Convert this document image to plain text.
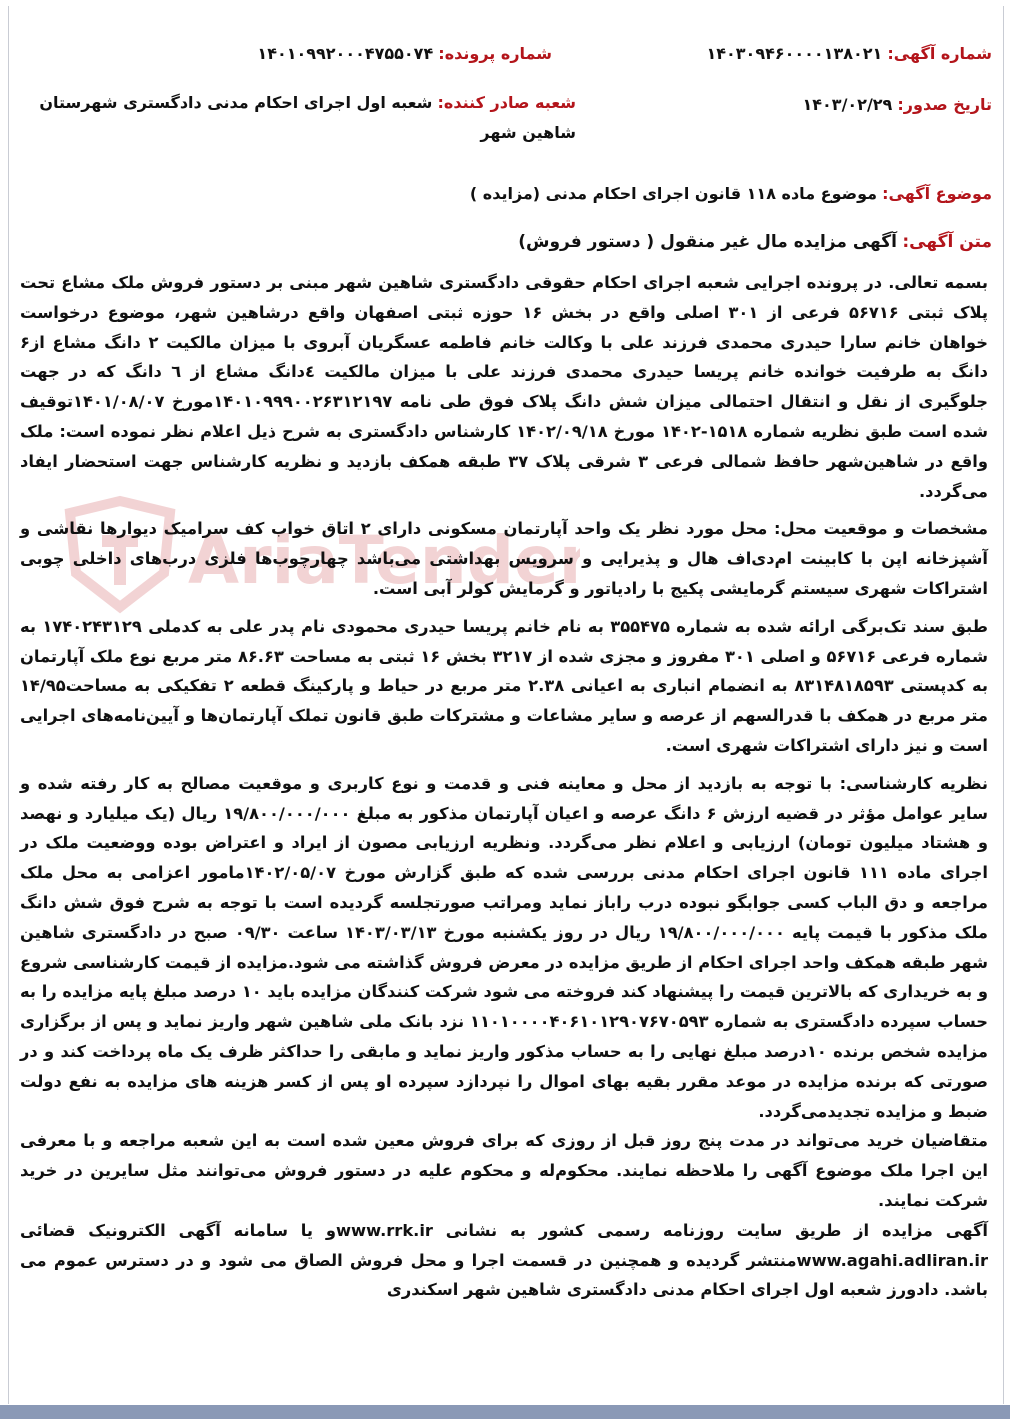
شماره آگهی: ۱۴۰۳۰۹۴۶۰۰۰۰۱۳۸۰۲۱
تاریخ صدور: ۱۴۰۳/۰۲/۲۹
شماره پرونده: ۱۴۰۱۰۹۹۲۰۰۰۴۷۵۵۰۷۴
شعبه صادر کننده: شعبه اول اجرای احکام مدنی دادگستری شهرستان شاهین شهر
موضوع آگهی: موضوع ماده ۱۱۸ قانون اجرای احکام مدنی (مزایده )
متن آگهی: آگهی مزایده مال غیر منقول ( دستور فروش)
AriaTender

بسمه تعالی. در پرونده اجرایی شعبه اجرای احکام حقوقی دادگستری شاهین شهر مبنی بر دستور فروش ملک مشاع تحت پلاک ثبتی ۵۶۷۱۶ فرعی از ۳۰۱ اصلی واقع در بخش ۱۶ حوزه ثبتی اصفهان واقع درشاهین شهر، موضوع درخواست خواهان خانم سارا حیدری محمدی فرزند علی با وکالت خانم فاطمه عسگریان آبروی با میزان مالکیت ۲ دانگ مشاع از۶ دانگ به طرفیت خوانده خانم پریسا حیدری محمدی فرزند علی با میزان مالکیت ٤دانگ مشاع از ٦ دانگ که در جهت جلوگیری از نقل و انتقال احتمالی میزان شش دانگ پلاک فوق طی نامه ۱۴۰۱۰۹۹۹۰۰۲۶۳۱۲۱۹۷مورخ ۱۴۰۱/۰۸/۰۷توقیف شده است طبق نظریه شماره ۱۵۱۸-۱۴۰۲ مورخ ۱۴۰۲/۰۹/۱۸ کارشناس دادگستری به شرح ذیل اعلام نظر نموده است: ملک واقع در شاهین‌شهر حافظ شمالی فرعی ۳ شرقی پلاک ۳۷ طبقه همکف بازدید و نظریه کارشناس جهت استحضار ایفاد می‌گردد.

مشخصات و موقعیت محل: محل مورد نظر یک واحد آپارتمان مسکونی دارای ۲ اتاق خواب کف سرامیک دیوارها نقاشی و آشپزخانه اپن با کابینت ام‌دی‌اف هال و پذیرایی و سرویس بهداشتی می‌باشد چهارچوب‌ها فلزی درب‌های داخلی چوبی اشتراکات شهری سیستم گرمایشی پکیج با رادیاتور و گرمایش کولر آبی است.

طبق سند تک‌برگی ارائه شده به شماره ۳۵۵۴۷۵ به نام خانم پریسا حیدری محمودی نام پدر علی به کدملی ۱۷۴۰۲۴۳۱۲۹ به شماره فرعی ۵۶۷۱۶ و اصلی ۳۰۱ مفروز و مجزی شده از ۳۲۱۷ بخش ۱۶ ثبتی به مساحت ۸۶.۶۳ متر مربع نوع ملک آپارتمان به کدپستی ۸۳۱۴۸۱۸۵۹۳ به انضمام انباری به اعیانی ۲.۳۸ متر مربع در حیاط و پارکینگ قطعه ۲ تفکیکی به مساحت۱۴/۹۵ متر مربع در همکف با قدرالسهم از عرصه و سایر مشاعات و مشترکات طبق قانون تملک آپارتمان‌ها و آیین‌نامه‌های اجرایی است و نیز دارای اشتراکات شهری است.

نظریه کارشناسی: با توجه به بازدید از محل و معاینه فنی و قدمت و نوع کاربری و موقعیت مصالح به کار رفته شده و سایر عوامل مؤثر در قضیه ارزش ۶ دانگ عرصه و اعیان آپارتمان مذکور به مبلغ ۱۹/۸۰۰/۰۰۰/۰۰۰ ریال (یک میلیارد و نهصد و هشتاد میلیون تومان) ارزیابی و اعلام نظر می‌گردد. ونظریه ارزیابی مصون از ایراد و اعتراض بوده ووضعیت ملک در اجرای ماده ۱۱۱ قانون اجرای احکام مدنی بررسی شده که طبق گزارش مورخ ۱۴۰۲/۰۵/۰۷مامور اعزامی به محل ملک مراجعه و دق الباب کسی جوابگو نبوده درب راباز نماید ومراتب صورتجلسه گردیده است با توجه به شرح فوق شش دانگ ملک مذکور با قیمت پایه ۱۹/۸۰۰/۰۰۰/۰۰۰ ریال در روز یکشنبه مورخ ۱۴۰۳/۰۳/۱۳ ساعت ۰۹/۳۰ صبح در دادگستری شاهین شهر طبقه همکف واحد اجرای احکام از طریق مزایده در معرض فروش گذاشته می شود.مزایده از قیمت کارشناسی شروع و به خریداری که بالاترین قیمت را پیشنهاد کند فروخته می شود شرکت کنندگان مزایده باید ۱۰ درصد مبلغ پایه مزایده را به حساب سپرده دادگستری به شماره ۱۱۰۱۰۰۰۰۴۰۶۱۰۱۲۹۰۷۶۷۰۵۹۳ نزد بانک ملی شاهین شهر واریز نماید و پس از برگزاری مزایده شخص برنده ۱۰درصد مبلغ نهایی را به حساب مذکور واریز نماید و مابقی را حداکثر ظرف یک ماه پرداخت کند و در صورتی که برنده مزایده در موعد مقرر بقیه بهای اموال را نپردازد سپرده او پس از کسر هزینه های مزایده به نفع دولت ضبط و مزایده تجدیدمی‌گردد.

متقاضیان خرید می‌تواند در مدت پنج روز قبل از روزی که برای فروش معین شده است به این شعبه مراجعه و با معرفی این اجرا ملک موضوع آگهی را ملاحظه نمایند. محکوم‌له و محکوم علیه در دستور فروش می‌توانند مثل سایرین در خرید شرکت نمایند.

آگهی مزایده از طریق سایت روزنامه رسمی کشور به نشانی www.rrk.irو یا سامانه آگهی الکترونیک قضائی www.agahi.adliran.irمنتشر گردیده و همچنین در قسمت اجرا و محل فروش الصاق می شود و در دسترس عموم می باشد. دادورز شعبه اول اجرای احکام مدنی دادگستری شاهین شهر اسکندری
